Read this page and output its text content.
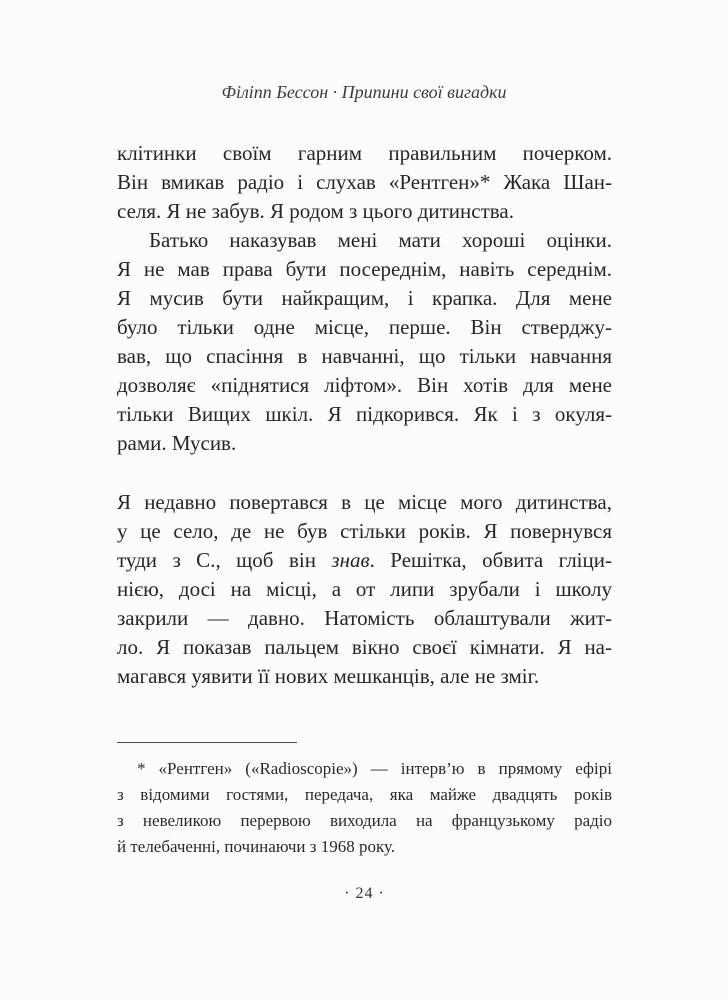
Філіпп Бессон · Припини свої вигадки
клітинки своїм гарним правильним почерком.
Він вмикав радіо і слухав «Рентген»* Жака Шан-
селя. Я не забув. Я родом з цього дитинства.
Батько наказував мені мати хороші оцінки.
Я не мав права бути посереднім, навіть середнім.
Я мусив бути найкращим, і крапка. Для мене
було тільки одне місце, перше. Він стверджу-
вав, що спасіння в навчанні, що тільки навчання
дозволяє «піднятися ліфтом». Він хотів для мене
тільки Вищих шкіл. Я підкорився. Як і з окуля-
рами. Мусив.
Я недавно повертався в це місце мого дитинства,
у це село, де не був стільки років. Я повернувся
туди з С., щоб він знав. Решітка, обвита гліци-
нією, досі на місці, а от липи зрубали і школу
закрили — давно. Натомість облаштували жит-
ло. Я показав пальцем вікно своєї кімнати. Я на-
магався уявити її нових мешканців, але не зміг.
* «Рентген» («Radioscopie») — інтерв’ю в прямому ефірі
з відомими гостями, передача, яка майже двадцять років
з невеликою перервою виходила на французькому радіо
й телебаченні, починаючи з 1968 року.
· 24 ·
